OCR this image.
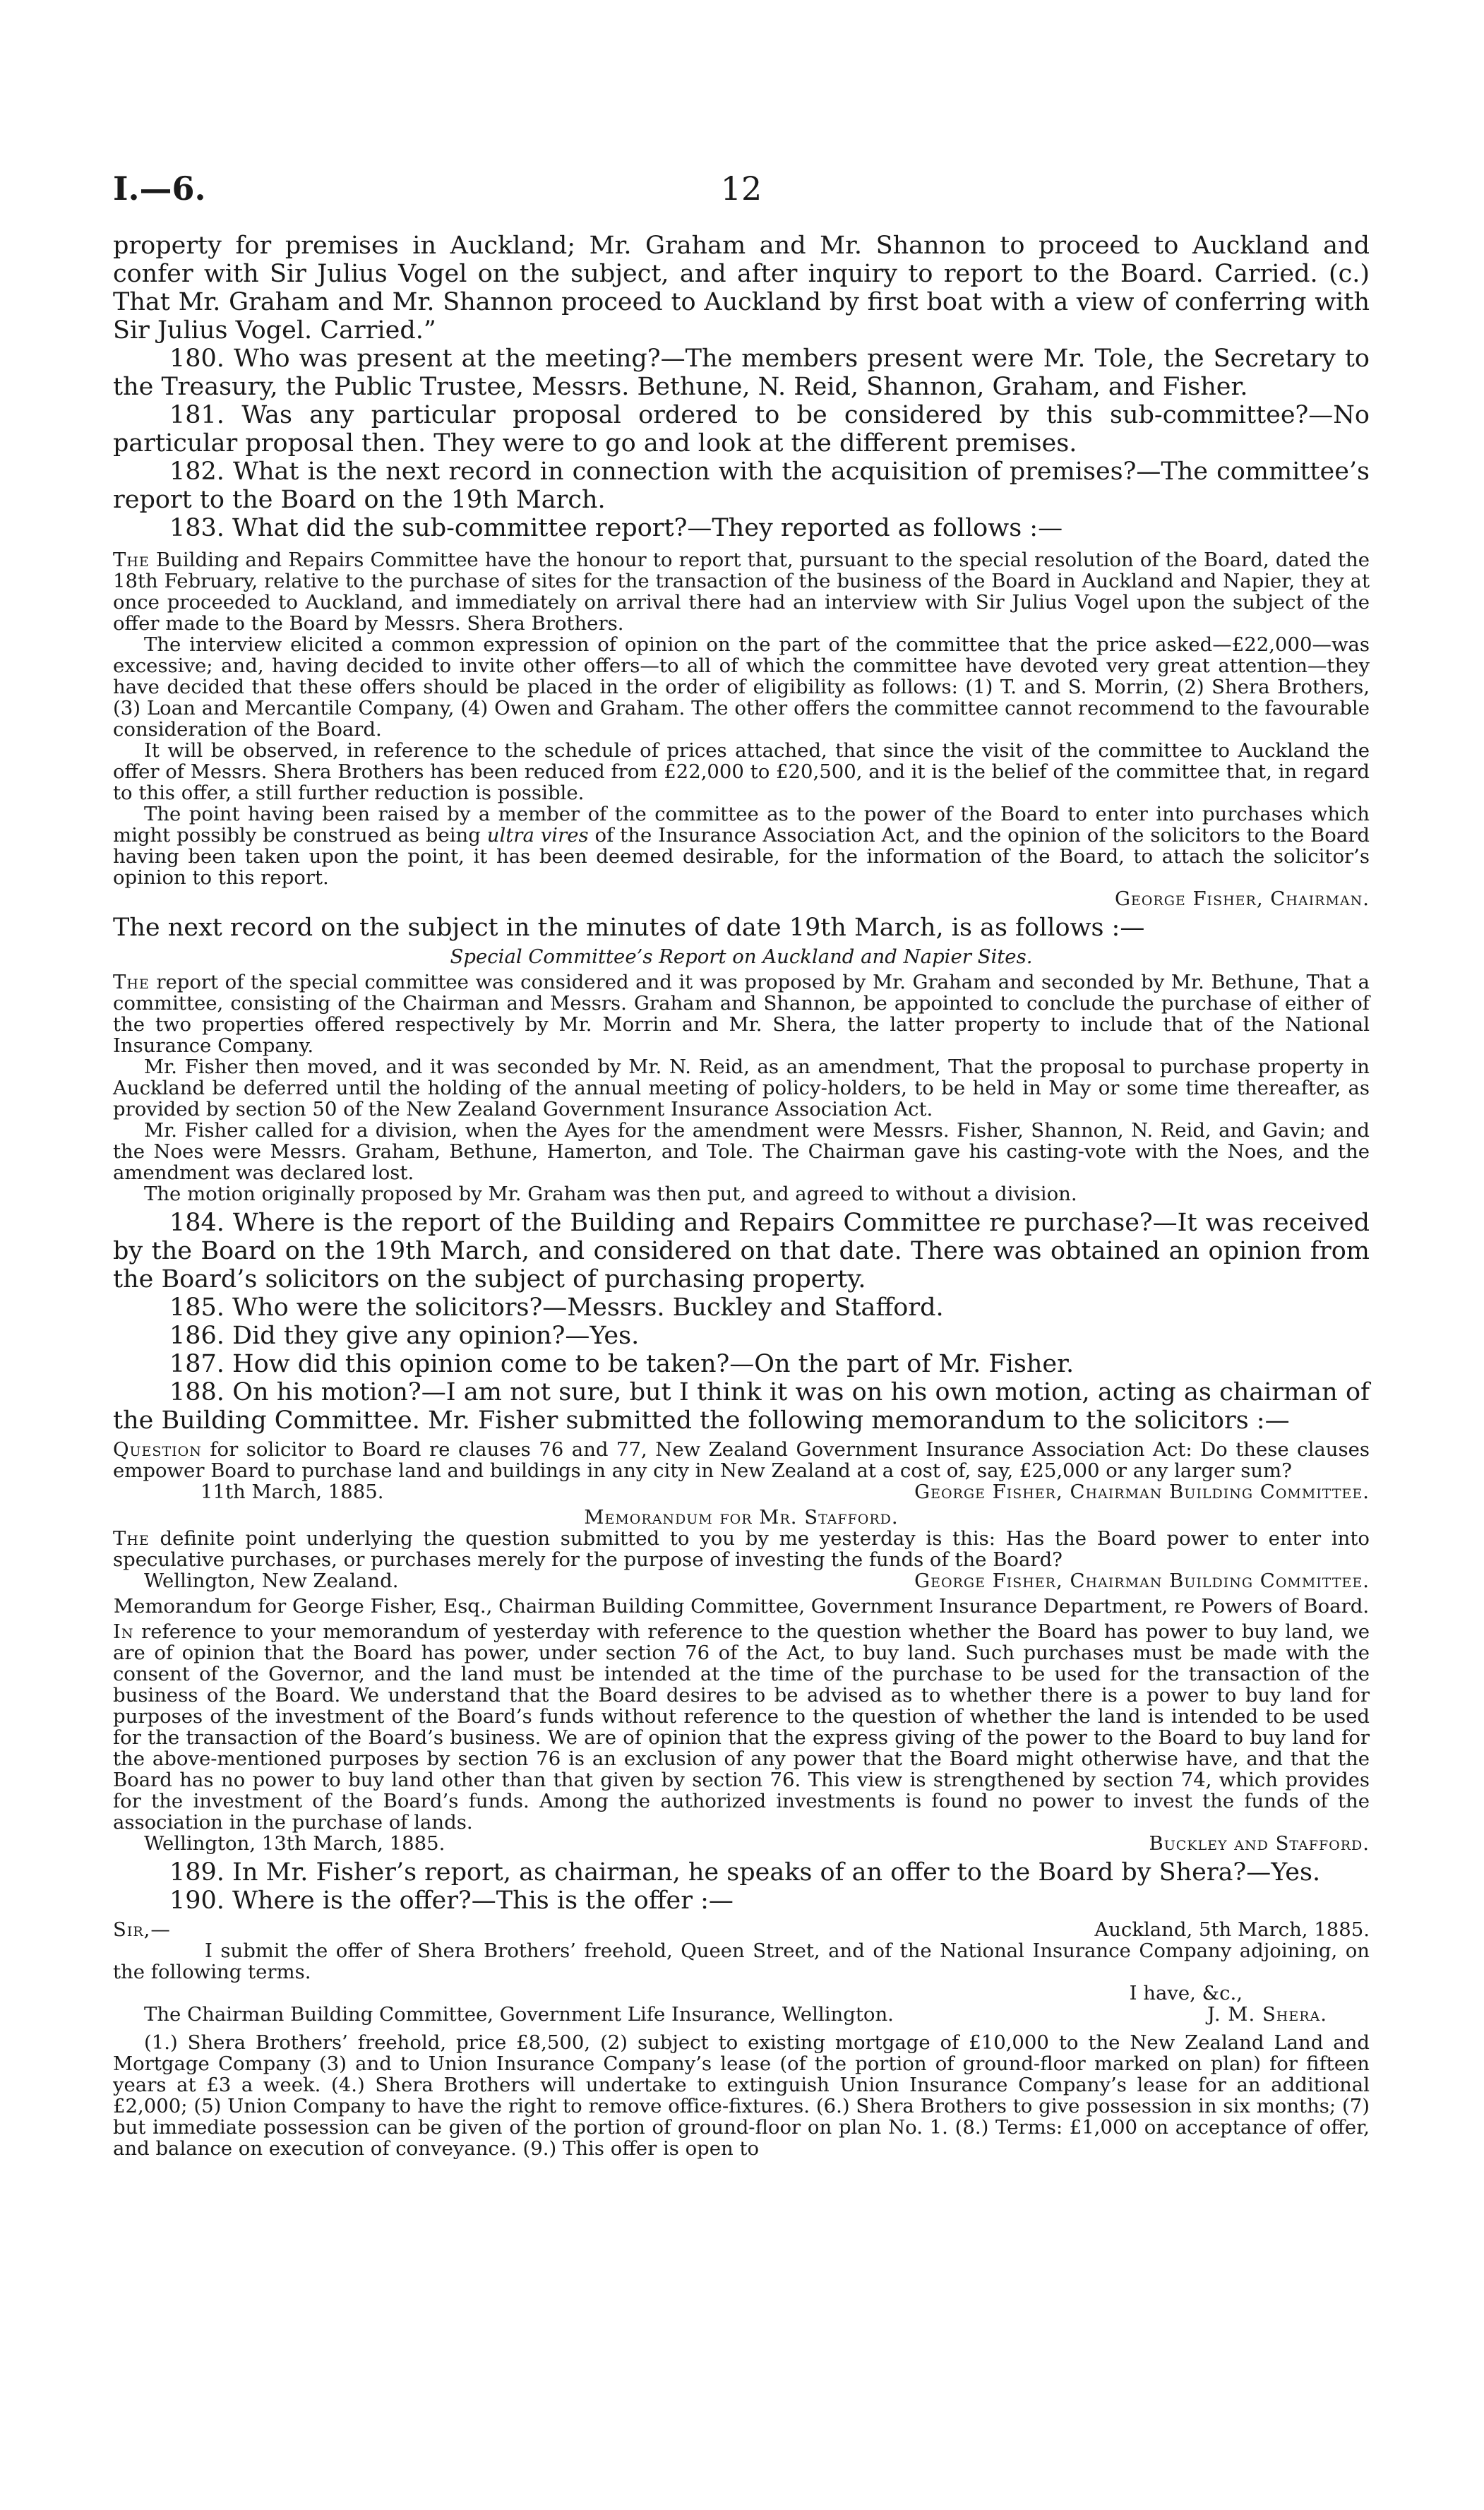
I.—6.	12

property for premises in Auckland; Mr. Graham and Mr. Shannon to proceed to Auckland and confer with Sir Julius Vogel on the subject, and after inquiry to report to the Board. Carried. (c.) That Mr. Graham and Mr. Shannon proceed to Auckland by first boat with a view of conferring with Sir Julius Vogel. Carried.”

180. Who was present at the meeting?—The members present were Mr. Tole, the Secretary to the Treasury, the Public Trustee, Messrs. Bethune, N. Reid, Shannon, Graham, and Fisher.

181. Was any particular proposal ordered to be considered by this sub-committee?—No particular proposal then. They were to go and look at the different premises.

182. What is the next record in connection with the acquisition of premises?—The committee’s report to the Board on the 19th March.

183. What did the sub-committee report?—They reported as follows :—

The Building and Repairs Committee have the honour to report that, pursuant to the special resolution of the Board, dated the 18th February, relative to the purchase of sites for the transaction of the business of the Board in Auckland and Napier, they at once proceeded to Auckland, and immediately on arrival there had an interview with Sir Julius Vogel upon the subject of the offer made to the Board by Messrs. Shera Brothers.

The interview elicited a common expression of opinion on the part of the committee that the price asked—£22,000—was excessive; and, having decided to invite other offers—to all of which the committee have devoted very great attention—they have decided that these offers should be placed in the order of eligibility as follows: (1) T. and S. Morrin, (2) Shera Brothers, (3) Loan and Mercantile Company, (4) Owen and Graham. The other offers the committee cannot recommend to the favourable consideration of the Board.

It will be observed, in reference to the schedule of prices attached, that since the visit of the committee to Auckland the offer of Messrs. Shera Brothers has been reduced from £22,000 to £20,500, and it is the belief of the committee that, in regard to this offer, a still further reduction is possible.

The point having been raised by a member of the committee as to the power of the Board to enter into purchases which might possibly be construed as being ultra vires of the Insurance Association Act, and the opinion of the solicitors to the Board having been taken upon the point, it has been deemed desirable, for the information of the Board, to attach the solicitor’s opinion to this report.

George Fisher, Chairman.

The next record on the subject in the minutes of date 19th March, is as follows :—

Special Committee’s Report on Auckland and Napier Sites.

The report of the special committee was considered and it was proposed by Mr. Graham and seconded by Mr. Bethune, That a committee, consisting of the Chairman and Messrs. Graham and Shannon, be appointed to conclude the purchase of either of the two properties offered respectively by Mr. Morrin and Mr. Shera, the latter property to include that of the National Insurance Company.

Mr. Fisher then moved, and it was seconded by Mr. N. Reid, as an amendment, That the proposal to purchase property in Auckland be deferred until the holding of the annual meeting of policy-holders, to be held in May or some time thereafter, as provided by section 50 of the New Zealand Government Insurance Association Act.

Mr. Fisher called for a division, when the Ayes for the amendment were Messrs. Fisher, Shannon, N. Reid, and Gavin; and the Noes were Messrs. Graham, Bethune, Hamerton, and Tole. The Chairman gave his casting-vote with the Noes, and the amendment was declared lost.

The motion originally proposed by Mr. Graham was then put, and agreed to without a division.

184. Where is the report of the Building and Repairs Committee re purchase?—It was received by the Board on the 19th March, and considered on that date. There was obtained an opinion from the Board’s solicitors on the subject of purchasing property.

185. Who were the solicitors?—Messrs. Buckley and Stafford.

186. Did they give any opinion?—Yes.

187. How did this opinion come to be taken?—On the part of Mr. Fisher.

188. On his motion?—I am not sure, but I think it was on his own motion, acting as chairman of the Building Committee. Mr. Fisher submitted the following memorandum to the solicitors :—

Question for solicitor to Board re clauses 76 and 77, New Zealand Government Insurance Association Act: Do these clauses empower Board to purchase land and buildings in any city in New Zealand at a cost of, say, £25,000 or any larger sum?

11th March, 1885.	George Fisher, Chairman Building Committee.

Memorandum for Mr. Stafford.

The definite point underlying the question submitted to you by me yesterday is this: Has the Board power to enter into speculative purchases, or purchases merely for the purpose of investing the funds of the Board?

Wellington, New Zealand.	George Fisher, Chairman Building Committee.

Memorandum for George Fisher, Esq., Chairman Building Committee, Government Insurance Department, re Powers of Board.

In reference to your memorandum of yesterday with reference to the question whether the Board has power to buy land, we are of opinion that the Board has power, under section 76 of the Act, to buy land. Such purchases must be made with the consent of the Governor, and the land must be intended at the time of the purchase to be used for the transaction of the business of the Board. We understand that the Board desires to be advised as to whether there is a power to buy land for purposes of the investment of the Board’s funds without reference to the question of whether the land is intended to be used for the transaction of the Board’s business. We are of opinion that the express giving of the power to the Board to buy land for the above-mentioned purposes by section 76 is an exclusion of any power that the Board might otherwise have, and that the Board has no power to buy land other than that given by section 76. This view is strengthened by section 74, which provides for the investment of the Board’s funds. Among the authorized investments is found no power to invest the funds of the association in the purchase of lands.

Wellington, 13th March, 1885.	Buckley and Stafford.

189. In Mr. Fisher’s report, as chairman, he speaks of an offer to the Board by Shera?—Yes.

190. Where is the offer?—This is the offer :—

Sir,—	Auckland, 5th March, 1885.

I submit the offer of Shera Brothers’ freehold, Queen Street, and of the National Insurance Company adjoining, on the following terms.

I have, &c.,

The Chairman Building Committee, Government Life Insurance, Wellington.	J. M. Shera.

(1.) Shera Brothers’ freehold, price £8,500, (2) subject to existing mortgage of £10,000 to the New Zealand Land and Mortgage Company (3) and to Union Insurance Company’s lease (of the portion of ground-floor marked on plan) for fifteen years at £3 a week. (4.) Shera Brothers will undertake to extinguish Union Insurance Company’s lease for an additional £2,000; (5) Union Company to have the right to remove office-fixtures. (6.) Shera Brothers to give possession in six months; (7) but immediate possession can be given of the portion of ground-floor on plan No. 1. (8.) Terms: £1,000 on acceptance of offer, and balance on execution of conveyance. (9.) This offer is open to
